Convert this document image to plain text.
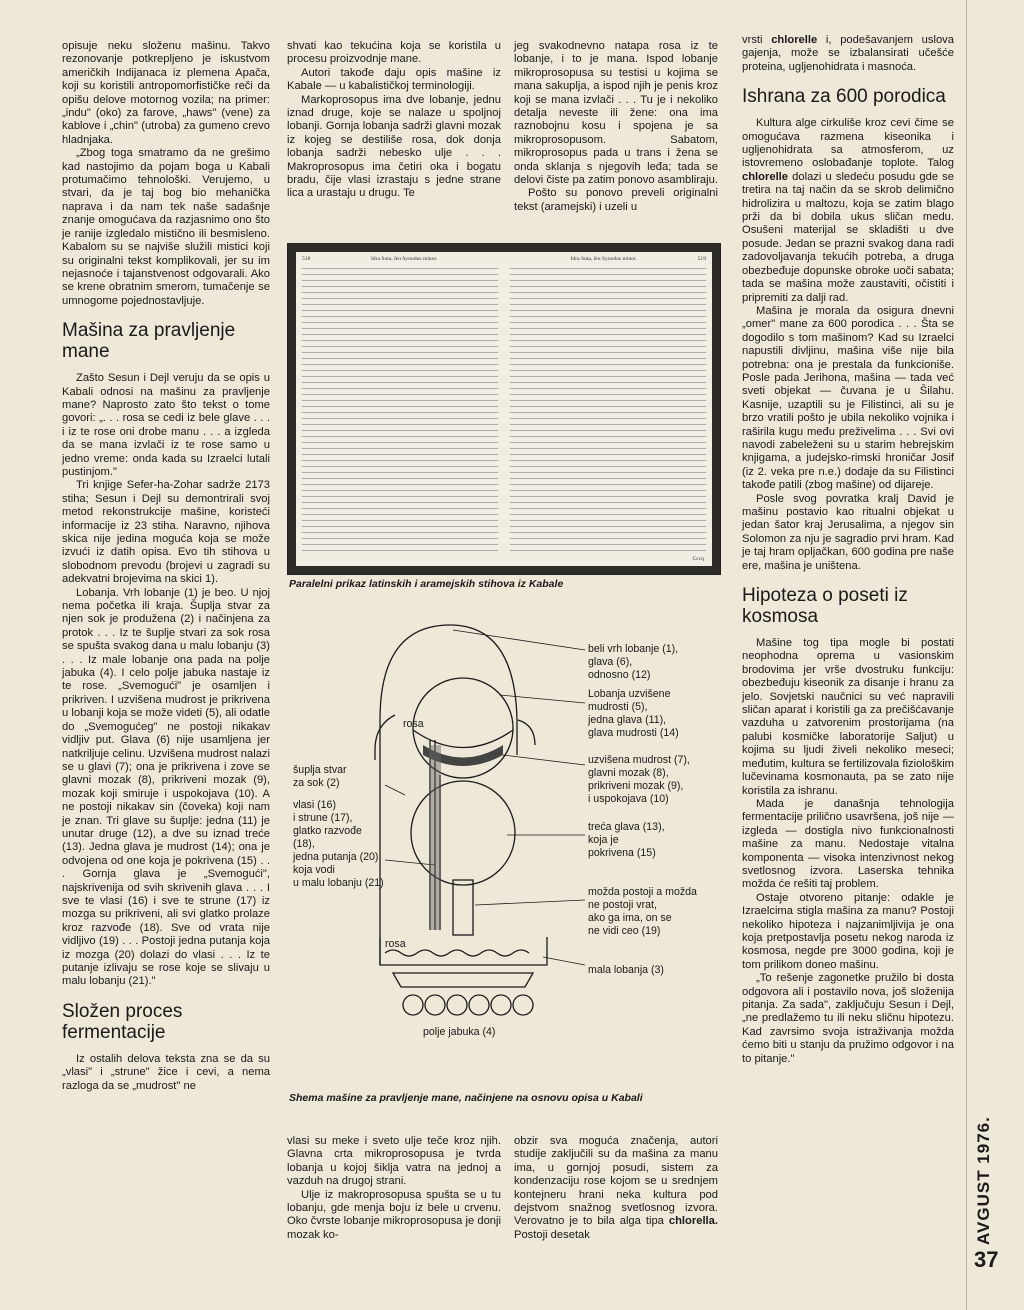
opisuje neku složenu mašinu. Takvo rezonovanje potkrepljeno je iskustvom američkih Indijanaca iz plemena Apača, koji su koristili antropomorfističke reči da opišu delove motornog vozila; na primer: „indu" (oko) za farove, „haws" (vene) za kablove i „chin" (utroba) za gumeno crevo hladnjaka.

„Zbog toga smatramo da ne grešimo kad nastojimo da pojam boga u Kabali protumačimo tehnološki. Verujemo, u stvari, da je taj bog bio mehanička naprava i da nam tek naše sadašnje znanje omogućava da razjasnimo ono što je ranije izgledalo mistično ili besmisleno. Kabalom su se najviše služili mistici koji su originalni tekst komplikovali, jer su im nejasnoće i tajanstvenost odgovarali. Ako se krene obratnim smerom, tumačenje se umnogome pojednostavljuje.

Mašina za pravljenje mane

Zašto Sesun i Dejl veruju da se opis u Kabali odnosi na mašinu za pravljenje mane? Naprosto zato što tekst o tome govori: „. . . rosa se cedi iz bele glave . . . i iz te rose oni drobe manu . . . a izgleda da se mana izvlači iz te rose samo u jedno vreme: onda kada su Izraelci lutali pustinjom."

Tri knjige Sefer-ha-Zohar sadrže 2173 stiha; Sesun i Dejl su demontrirali svoj metod rekonstrukcije mašine, koristeći informacije iz 23 stiha. Naravno, njihova skica nije jedina moguća koja se može izvući iz datih opisa. Evo tih stihova u slobodnom prevodu (brojevi u zagradi su adekvatni brojevima na skici 1).

Lobanja. Vrh lobanje (1) je beo. U njoj nema početka ili kraja. Šuplja stvar za njen sok je produžena (2) i načinjena za protok . . . Iz te šuplje stvari za sok rosa se spušta svakog dana u malu lobanju (3) . . . Iz male lobanje ona pada na polje jabuka (4). I celo polje jabuka nastaje iz te rose. „Svemogući" je osamljen i prikriven. I uzvišena mudrost je prikrivena u lobanji koja se može videti (5), ali odatle do „Svemogućeg" ne postoji nikakav vidljiv put. Glava (6) nije usamljena jer natkriljuje celinu. Uzvišena mudrost nalazi se u glavi (7); ona je prikrivena i zove se glavni mozak (8), prikriveni mozak (9), mozak koji smiruje i uspokojava (10). A ne postoji nikakav sin (čoveka) koji nam je znan. Tri glave su šuplje: jedna (11) je unutar druge (12), a dve su iznad treće (13). Jedna glava je mudrost (14); ona je odvojena od one koja je pokrivena (15) . . . Gornja glava je „Svemogući", najskrivenija od svih skrivenih glava . . . I sve te vlasi (16) i sve te strune (17) iz mozga su prikriveni, ali svi glatko prolaze kroz razvođe (18). Sve od vrata nije vidljivo (19) . . . Postoji jedna putanja koja iz mozga (20) dolazi do vlasi . . . Iz te putanje izlivaju se rose koje se slivaju u malu lobanju (21)."

Složen proces fermentacije

Iz ostalih delova teksta zna se da su „vlasi" i „strune" žice i cevi, a nema razloga da se „mudrost" ne

shvati kao tekućina koja se koristila u procesu proizvodnje mane.

Autori takođe daju opis mašine iz Kabale — u kabalističkoj terminologiji.

Markoprosopus ima dve lobanje, jednu iznad druge, koje se nalaze u spoljnoj lobanji. Gornja lobanja sadrži glavni mozak iz kojeg se destiliše rosa, dok donja lobanja sadrži nebesko ulje . . . Makroprosopus ima četiri oka i bogatu bradu, čije vlasi izrastaju s jedne strane lica a urastaju u drugu. Te

jeg svakodnevno natapa rosa iz te lobanje, i to je mana. Ispod lobanje mikroprosopusa su testisi u kojima se mana sakuplja, a ispod njih je penis kroz koji se mana izvlači . . . Tu je i nekoliko detalja neveste ili žene: ona ima raznobojnu kosu i spojena je sa mikroprosopusom. Sabatom, mikroprosopus pada u trans i žena se onda sklanja s njegovih leđa; tada se delovi čiste pa zatim ponovo asambliraju.

Pošto su ponovo preveli originalni tekst (aramejski) i uzeli u

518	Idra Suta, ſeu Synodus minor.	Idra Suta, ſeu Synodus minor.	519
Cccq
Paralelni prikaz latinskih i aramejskih stihova iz Kabale
beli vrh lobanje (1),
glava (6),
odnosno (12)
Lobanja uzvišene
mudrosti (5),
jedna glava (11),
glava mudrosti (14)
rosa
uzvišena mudrost (7),
glavni mozak (8),
prikriveni mozak (9),
i uspokojava (10)
šuplja stvar
za sok (2)
vlasi (16)
i strune (17),
glatko razvođe
(18),
jedna putanja (20)
koja vodi
u malu lobanju (21)
treća glava (13),
koja je
pokrivena (15)
možda postoji a možda
ne postoji vrat,
ako ga ima, on se
ne vidi ceo (19)
rosa
mala lobanja (3)
polje jabuka (4)
Shema mašine za pravljenje mane, načinjene na osnovu opisa u Kabali

vlasi su meke i sveto ulje teče kroz njih. Glavna crta mikroprosopusa je tvrda lobanja u kojoj šiklja vatra na jednoj a vazduh na drugoj strani.

Ulje iz makroprosopusa spušta se u tu lobanju, gde menja boju iz bele u crvenu. Oko čvrste lobanje mikroprosopusa je donji mozak ko-

obzir sva moguća značenja, autori studije zaključili su da mašina za manu ima, u gornjoj posudi, sistem za kondenzaciju rose kojom se u srednjem kontejneru hrani neka kultura pod dejstvom snažnog svetlosnog izvora. Verovatno je to bila alga tipa chlorella. Postoji desetak

vrsti chlorelle i, podešavanjem uslova gajenja, može se izbalansirati učešće proteina, ugljenohidrata i masnoća.

Ishrana za 600 porodica

Kultura alge cirkuliše kroz cevi čime se omogućava razmena kiseonika i ugljenohidrata sa atmosferom, uz istovremeno oslobađanje toplote. Talog chlorelle dolazi u sledeću posudu gde se tretira na taj način da se skrob delimično hidrolizira u maltozu, koja se zatim blago prži da bi dobila ukus sličan medu. Osušeni materijal se skladišti u dve posude. Jedan se prazni svakog dana radi zadovoljavanja tekućih potreba, a druga obezbeđuje dopunske obroke uoči sabata; tada se mašina može zaustaviti, očistiti i pripremiti za dalji rad.

Mašina je morala da osigura dnevni „omer" mane za 600 porodica . . . Šta se dogodilo s tom mašinom? Kad su Izraelci napustili divljinu, mašina više nije bila potrebna: ona je prestala da funkcioniše. Posle pada Jerihona, mašina — tada već sveti objekat — čuvana je u Šilahu. Kasnije, uzaptili su je Filistinci, ali su je brzo vratili pošto je ubila nekoliko vojnika i raširila kugu među preživelima . . . Svi ovi navodi zabeleženi su u starim hebrejskim knjigama, a judejsko-rimski hroničar Josif (iz 2. veka pre n.e.) dodaje da su Filistinci takođe patili (zbog mašine) od dijareje.

Posle svog povratka kralj David je mašinu postavio kao ritualni objekat u jedan šator kraj Jerusalima, a njegov sin Solomon za nju je sagradio prvi hram. Kad je taj hram opljačkan, 600 godina pre naše ere, mašina je uništena.

Hipoteza o poseti iz kosmosa

Mašine tog tipa mogle bi postati neophodna oprema u vasionskim brodovima jer vrše dvostruku funkciju: obezbeđuju kiseonik za disanje i hranu za jelo. Sovjetski naučnici su već napravili sličan aparat i koristili ga za prečišćavanje vazduha u zatvorenim prostorijama (na palubi kosmičke laboratorije Saljut) u kojima su ljudi živeli nekoliko meseci; međutim, kultura se fertilizovala fiziološkim lučevinama kosmonauta, pa se zato nije koristila za ishranu.

Mada je današnja tehnologija fermentacije prilično usavršena, još nije — izgleda — dostigla nivo funkcionalnosti mašine za manu. Nedostaje vitalna komponenta — visoka intenzivnost nekog svetlosnog izvora. Laserska tehnika možda će rešiti taj problem.

Ostaje otvoreno pitanje: odakle je Izraelcima stigla mašina za manu? Postoji nekoliko hipoteza i najzanimljivija je ona koja pretpostavlja posetu nekog naroda iz kosmosa, negde pre 3000 godina, koji je tom prilikom doneo mašinu.

„To rešenje zagonetke pružilo bi dosta odgovora ali i postavilo nova, još složenija pitanja. Za sada", zaključuju Sesun i Dejl, „ne predlažemo tu ili neku sličnu hipotezu. Kad zavrsimo svoja istraživanja možda ćemo biti u stanju da pružimo odgovor i na to pitanje."

AVGUST 1976.
37
